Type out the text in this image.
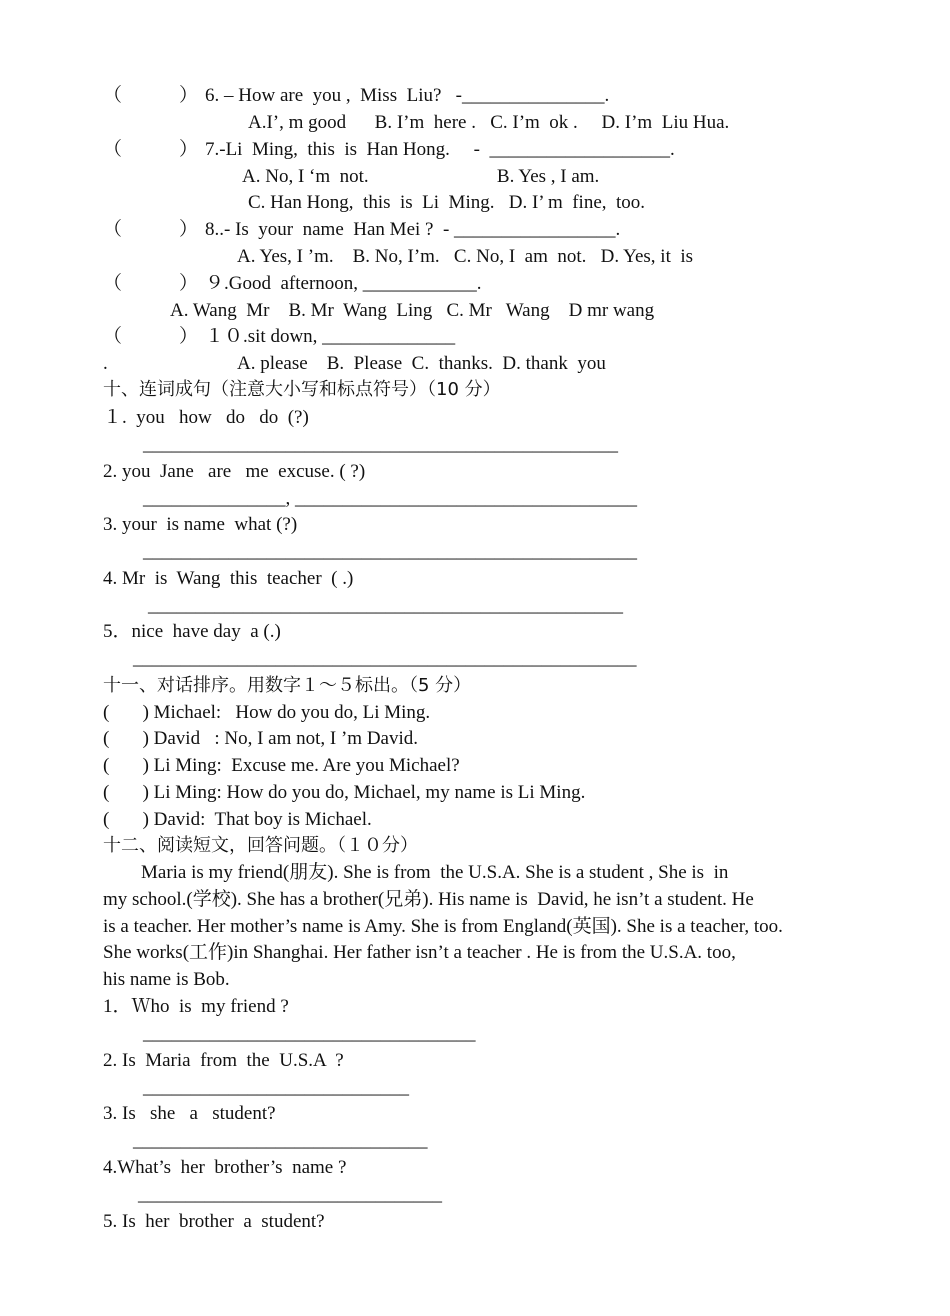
（            ） 6. – How are  you ,  Miss  Liu?   -_______________.
A.I’, m good      B. I’m  here .   C. I’m  ok .     D. I’m  Liu Hua.
（            ） 7.-Li  Ming,  this  is  Han Hong.     -  ___________________.
A. No, I ‘m  not.                           B. Yes , I am.
C. Han Hong,  this  is  Li  Ming.   D. I’ m  fine,  too.
（            ） 8..- Is  your  name  Han Mei ?  - _________________.
A. Yes, I ’m.    B. No, I’m.   C. No, I  am  not.   D. Yes, it  is
（            ） ９.Good  afternoon, ____________.
A. Wang  Mr    B. Mr  Wang  Ling   C. Mr   Wang    D mr wang
（            ） １０.sit down, ______________
.	A. please    B.  Please  C.  thanks.  D. thank  you
十、连词成句（注意大小写和标点符号）（10 分）
１.  you   how   do   do  (?)
__________________________________________________
2. you  Jane   are   me  excuse. ( ?)
_______________, ____________________________________
3. your  is name  what (?)
____________________________________________________
4. Mr  is  Wang  this  teacher  ( .)
__________________________________________________
5．nice  have day  a (.)
_____________________________________________________
十一、对话排序。用数字１～５标出。（5 分）
(       ) Michael:   How do you do, Li Ming.
(       ) David   : No, I am not, I ’m David.
(       ) Li Ming:  Excuse me. Are you Michael?
(       ) Li Ming: How do you do, Michael, my name is Li Ming.
(       ) David:  That boy is Michael.
十二、阅读短文，回答问题。（１０分）
Maria is my friend(朋友). She is from  the U.S.A. She is a student , She is  in
my school.(学校). She has a brother(兄弟). His name is  David, he isn’t a student. He
is a teacher. Her mother’s name is Amy. She is from England(英国). She is a teacher, too.
She works(工作)in Shanghai. Her father isn’t a teacher . He is from the U.S.A. too,
his name is Bob.
1．Ｗho  is  my friend ?
___________________________________
2. Is  Maria  from  the  U.S.A  ?
____________________________
3. Is   she   a   student?
_______________________________
4.What’s  her  brother’s  name ?
________________________________
5. Is  her  brother  a  student?
